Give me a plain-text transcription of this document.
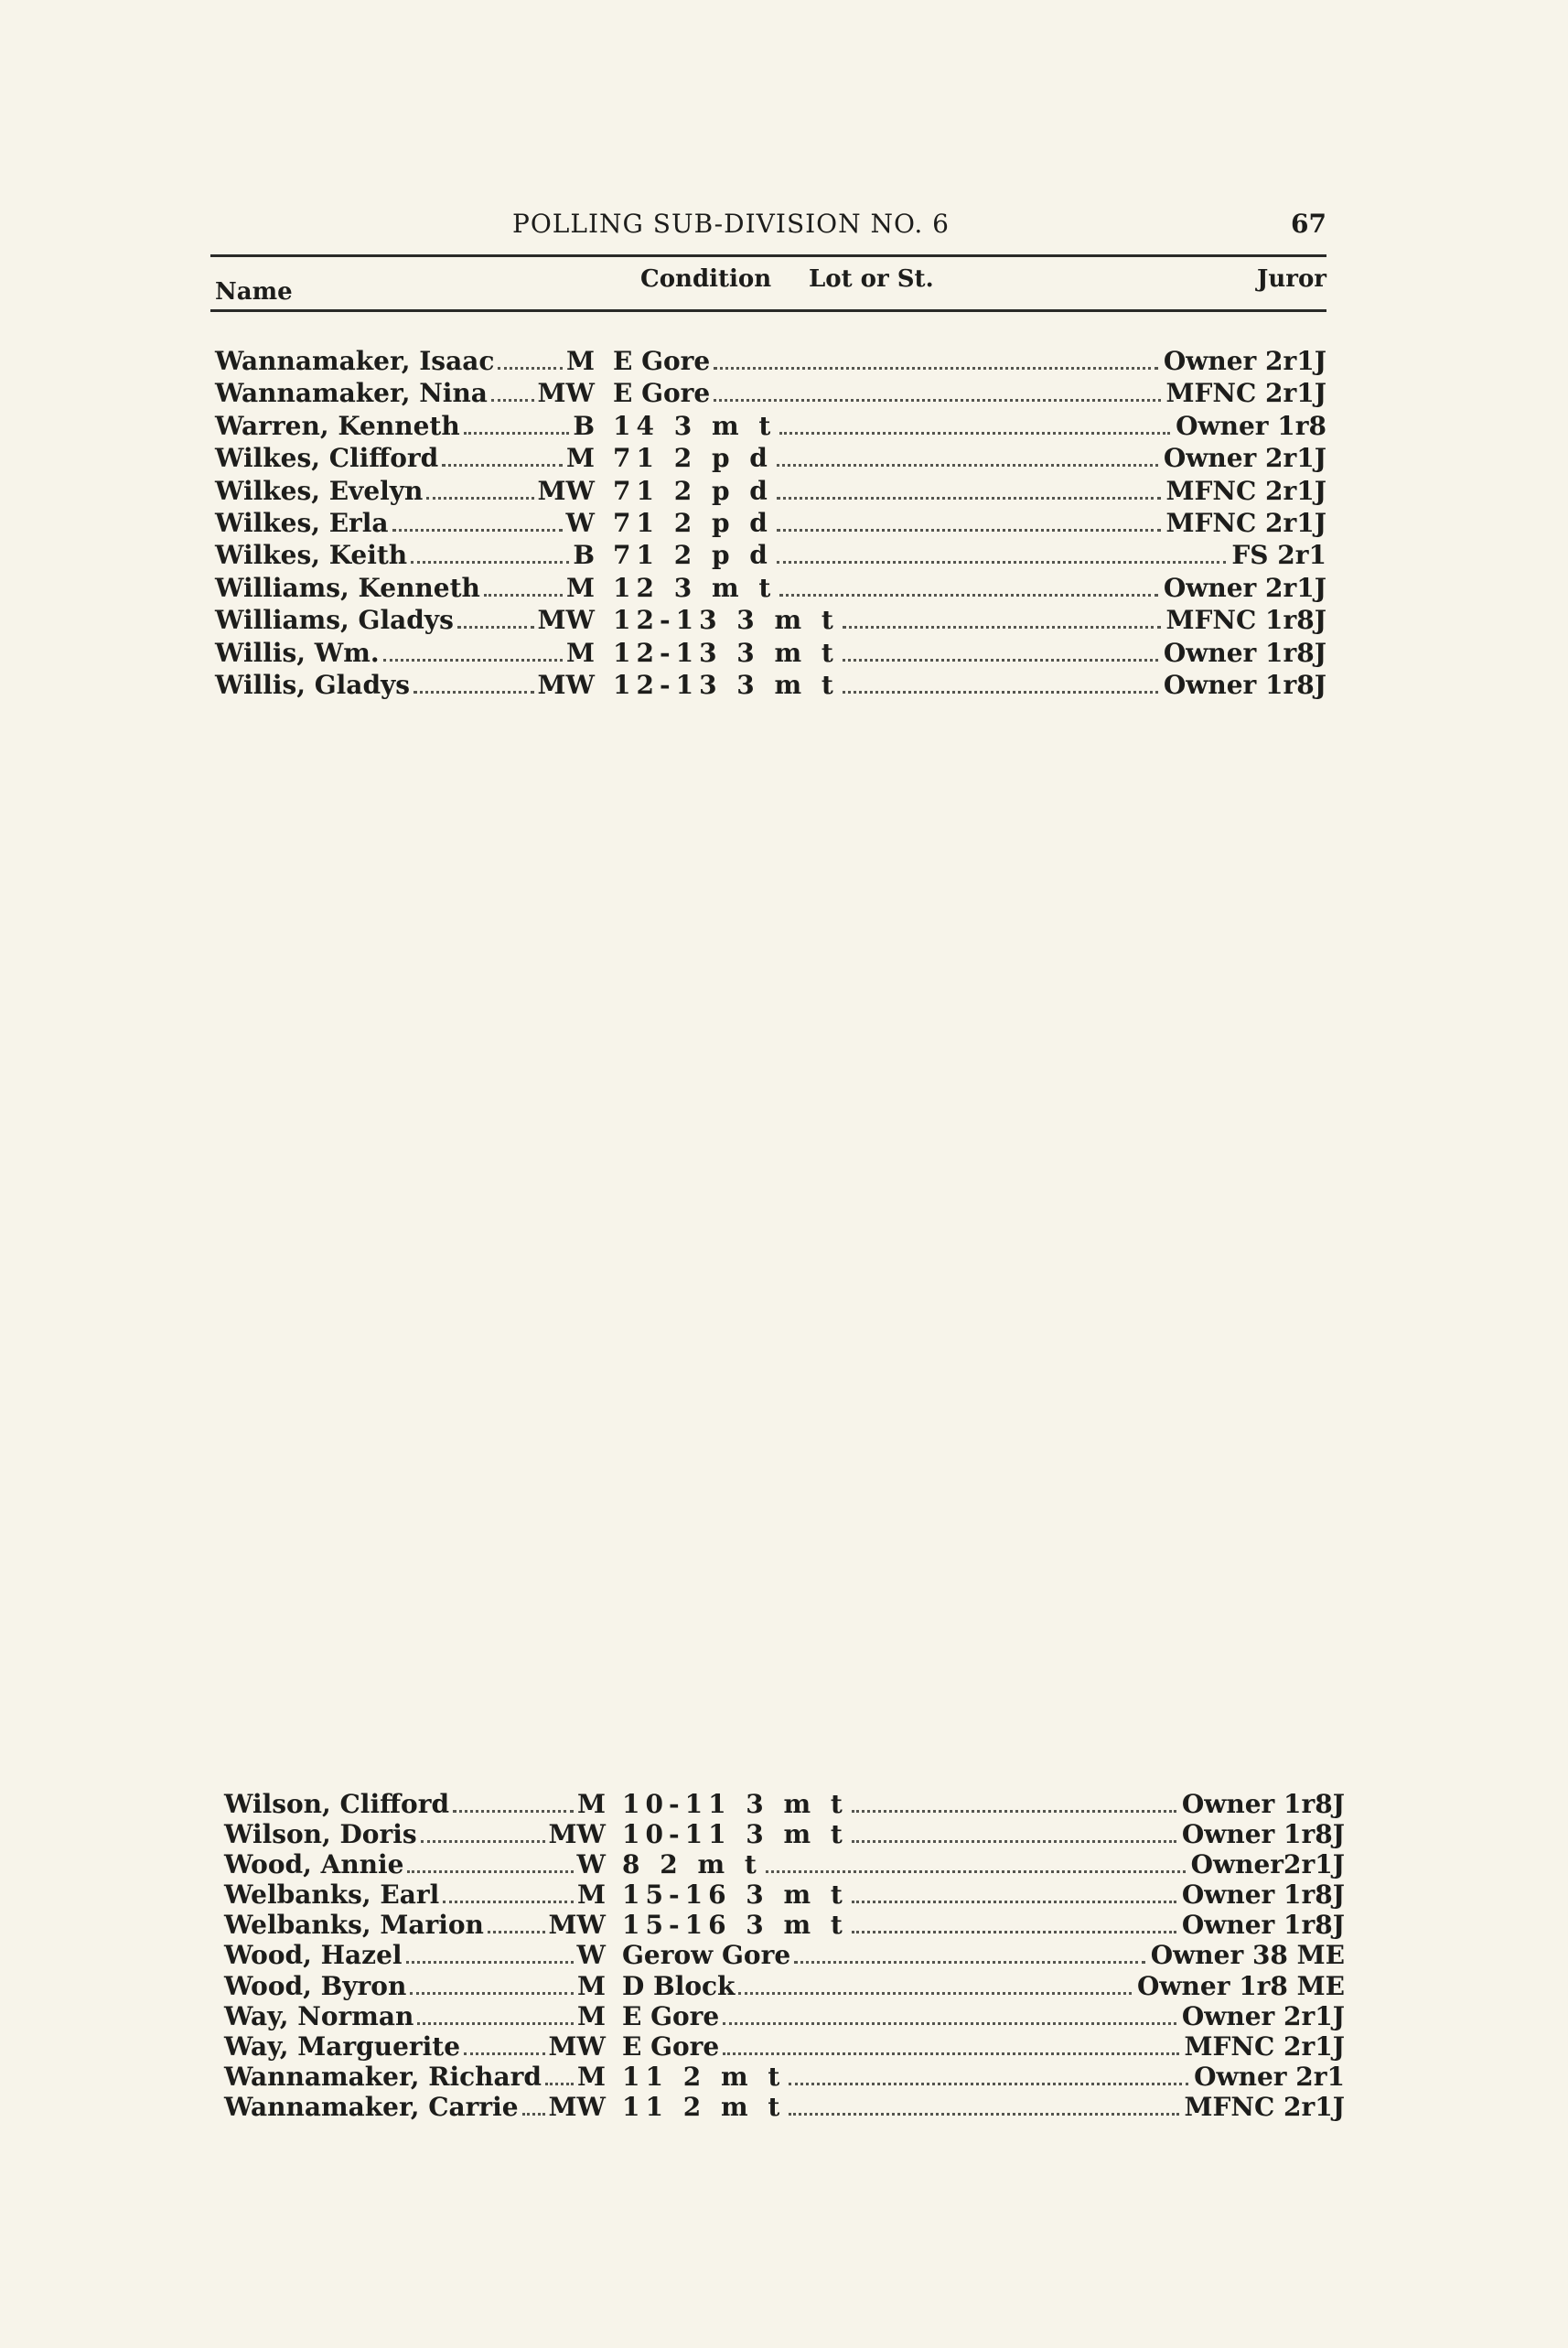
POLLING SUB-DIVISION NO. 6	67
Name	Condition Lot or St.	Juror
Wannamaker, Isaac	M E Gore	Owner 2r1J
Wannamaker, Nina MW E Gore	MFNC 2r1J
Warren, Kenneth	B 14 3 m t	Owner 1r8
Wilkes, Clifford	M 71 2 p d	Owner 2r1J
Wilkes, Evelyn	MW 71 2 p d	MFNC 2r1J
Wilkes, Erla	W 71 2 p d	MFNC 2r1J
Wilkes, Keith	B 71 2 p d	FS 2r1
Williams, Kenneth	M 12 3 m t	Owner 2r1J
Williams, Gladys	MW 12-13 3 m t	MFNC 1r8J
Willis, Wm.	M 12-13 3 m t	Owner 1r8J
Willis, Gladys	MW 12-13 3 m t	Owner 1r8J
Wilson, Clifford	M 10-11 3 m t	Owner 1r8J
Wilson, Doris	MW 10-11 3 m t	Owner 1r8J
Wood, Annie	W 8 2 m t	Owner2r1J
Welbanks, Earl	M 15-16 3 m t	Owner 1r8J
Welbanks, Marion	MW 15-16 3 m t	Owner 1r8J
Wood, Hazel	W Gerow Gore	Owner 38 ME
Wood, Byron	M D Block	Owner 1r8 ME
Way, Norman	M E Gore	Owner 2r1J
Way, Marguerite	MW E Gore	MFNC 2r1J
Wannamaker, Richard M 11 2 m t	Owner 2r1
Wannamaker, Carrie MW 11 2 m t	MFNC 2r1J
